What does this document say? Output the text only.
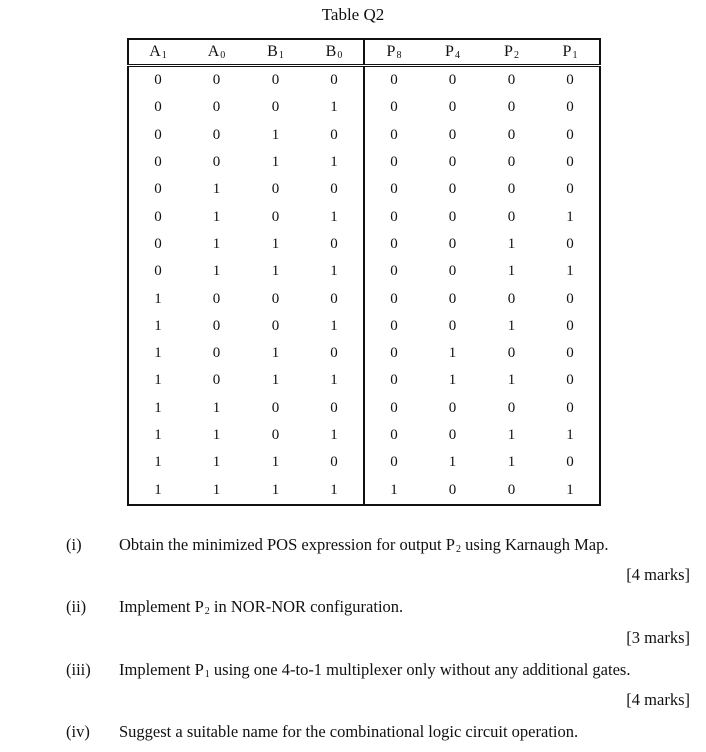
Table Q2
$A_1$	$A_0$	$B_1$	$B_0$	$P_8$	$P_4$	$P_2$	$P_1$
0	0	0	0	0	0	0	0
0	0	0	1	0	0	0	0
0	0	1	0	0	0	0	0
0	0	1	1	0	0	0	0
0	1	0	0	0	0	0	0
0	1	0	1	0	0	0	1
0	1	1	0	0	0	1	0
0	1	1	1	0	0	1	1
1	0	0	0	0	0	0	0
1	0	0	1	0	0	1	0
1	0	1	0	0	1	0	0
1	0	1	1	0	1	1	0
1	1	0	0	0	0	0	0
1	1	0	1	0	0	1	1
1	1	1	0	0	1	1	0
1	1	1	1	1	0	0	1
(i) Obtain the minimized POS expression for output $P_2$ using Karnaugh Map.
[4 marks]
(ii) Implement $P_2$ in NOR-NOR configuration.
[3 marks]
(iii) Implement $P_1$ using one 4-to-1 multiplexer only without any additional gates.
[4 marks]
(iv) Suggest a suitable name for the combinational logic circuit operation.
